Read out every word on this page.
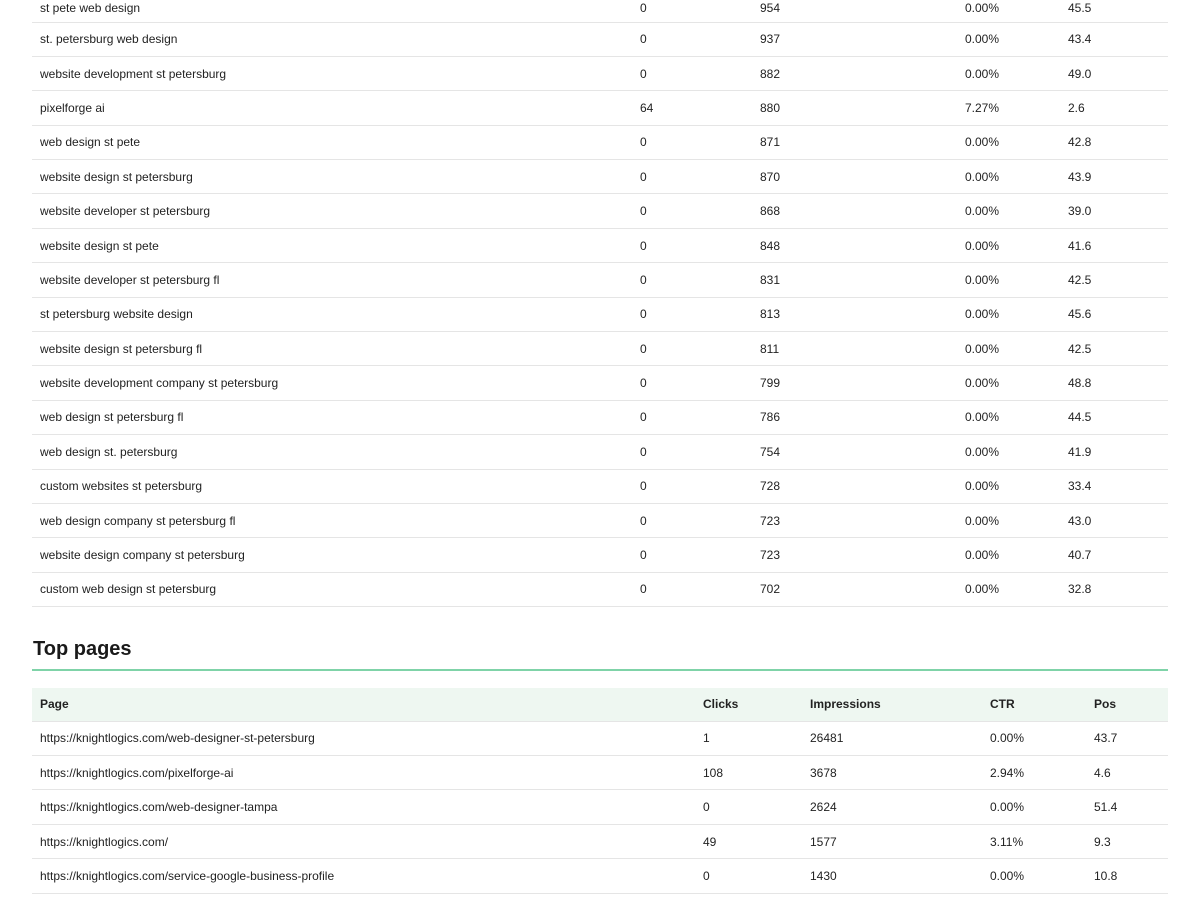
st pete web design	0	954	0.00%	45.5
st. petersburg web design	0	937	0.00%	43.4
website development st petersburg	0	882	0.00%	49.0
pixelforge ai	64	880	7.27%	2.6
web design st pete	0	871	0.00%	42.8
website design st petersburg	0	870	0.00%	43.9
website developer st petersburg	0	868	0.00%	39.0
website design st pete	0	848	0.00%	41.6
website developer st petersburg fl	0	831	0.00%	42.5
st petersburg website design	0	813	0.00%	45.6
website design st petersburg fl	0	811	0.00%	42.5
website development company st petersburg	0	799	0.00%	48.8
web design st petersburg fl	0	786	0.00%	44.5
web design st. petersburg	0	754	0.00%	41.9
custom websites st petersburg	0	728	0.00%	33.4
web design company st petersburg fl	0	723	0.00%	43.0
website design company st petersburg	0	723	0.00%	40.7
custom web design st petersburg	0	702	0.00%	32.8
Top pages
Page	Clicks	Impressions	CTR	Pos
https://knightlogics.com/web-designer-st-petersburg	1	26481	0.00%	43.7
https://knightlogics.com/pixelforge-ai	108	3678	2.94%	4.6
https://knightlogics.com/web-designer-tampa	0	2624	0.00%	51.4
https://knightlogics.com/	49	1577	3.11%	9.3
https://knightlogics.com/service-google-business-profile	0	1430	0.00%	10.8
